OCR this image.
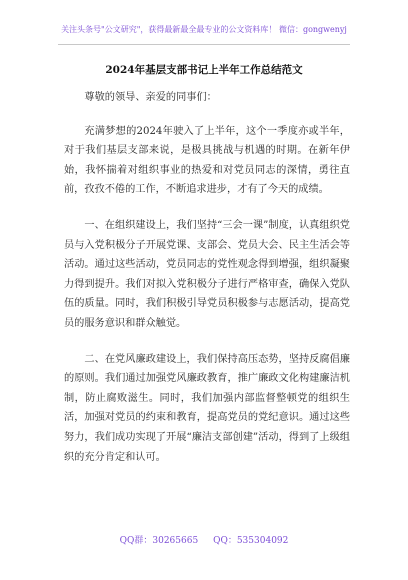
关注头条号"公文研究"，获得最新最全最专业的公文资料库！ 微信：gongwenyj
2024年基层支部书记上半年工作总结范文

尊敬的领导、亲爱的同事们：

充满梦想的2024年驶入了上半年，这个一季度亦或半年，对于我们基层支部来说，是极具挑战与机遇的时期。在新年伊始，我怀揣着对组织事业的热爱和对党员同志的深情，勇往直前，孜孜不倦的工作，不断追求进步，才有了今天的成绩。

一、在组织建设上，我们坚持“三会一课”制度，认真组织党员与入党积极分子开展党课、支部会、党员大会、民主生活会等活动。通过这些活动，党员同志的党性观念得到增强，组织凝聚力得到提升。我们对拟入党积极分子进行严格审查，确保入党队伍的质量。同时，我们积极引导党员积极参与志愿活动，提高党员的服务意识和群众触觉。

二、在党风廉政建设上，我们保持高压态势，坚持反腐倡廉的原则。我们通过加强党风廉政教育，推广廉政文化构建廉洁机制，防止腐败滋生。同时，我们加强内部监督整顿党的组织生活，加强对党员的约束和教育，提高党员的党纪意识。通过这些努力，我们成功实现了开展“廉洁支部创建”活动，得到了上级组织的充分肯定和认可。

QQ群：30265665 QQ：535304092
